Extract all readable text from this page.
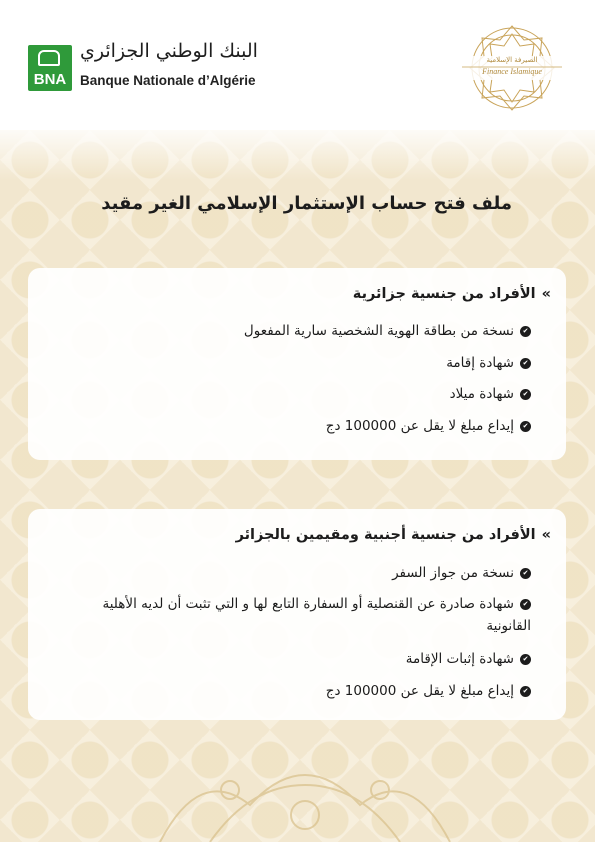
BNA
البنك الوطني الجزائري
Banque Nationale d’Algérie
الصيرفة الإسلامية
Finance Islamique
ملف فتح حساب الإستثمار الإسلامي الغير مقيد
»الأفراد من جنسية جزائرية
✔نسخة من بطاقة الهوية الشخصية سارية المفعول
✔شهادة إقامة
✔شهادة ميلاد
✔إيداع مبلغ لا يقل عن 100000 دج
»الأفراد من جنسية أجنبية ومقيمين بالجزائر
✔نسخة من جواز السفر
✔شهادة صادرة عن القنصلية أو السفارة التابع لها و التي تثبت أن لديه الأهلية القانونية
✔شهادة إثبات الإقامة
✔إيداع مبلغ لا يقل عن 100000 دج
